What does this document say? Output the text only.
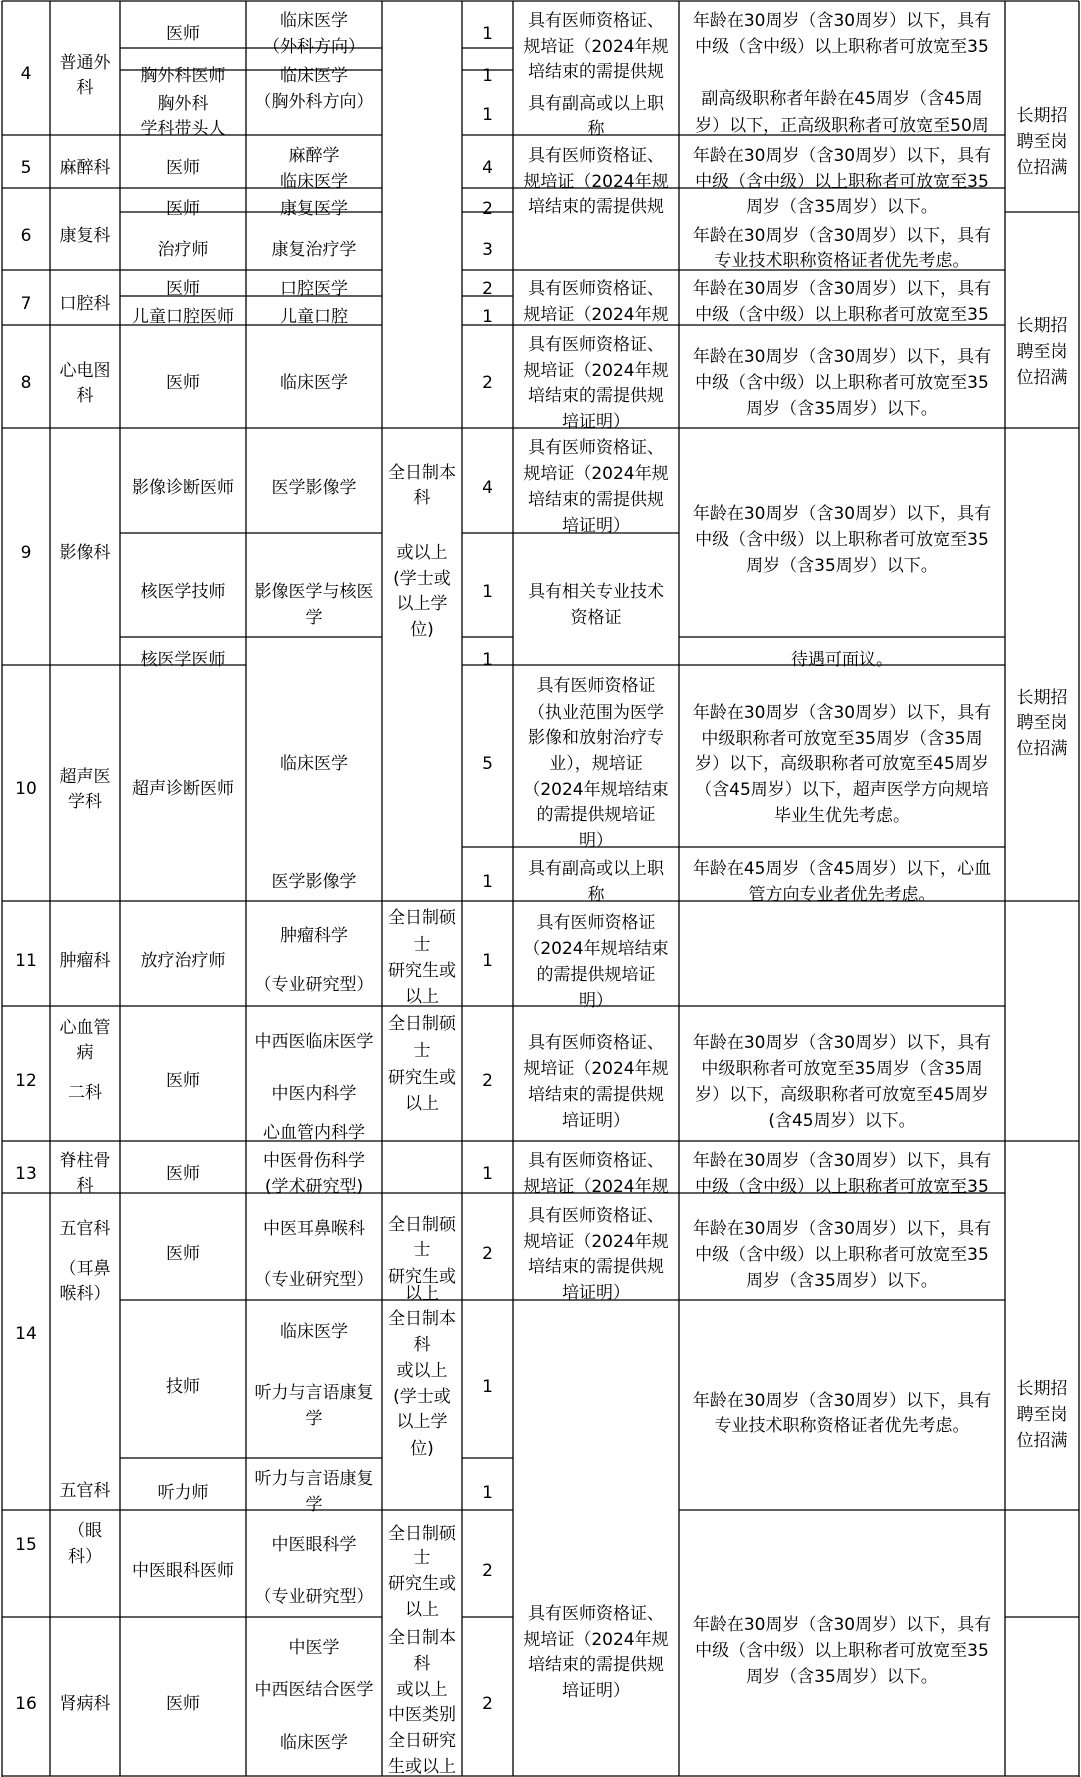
4
5
6
7
8
9
10
11
12
13
14
15
16
普通外
科
麻醉科
康复科
口腔科
心电图
科
影像科
超声医
学科
肿瘤科
心血管
病
二科
脊柱骨
科
五官科
（耳鼻
喉科）
五官科
（眼
科）
肾病科
医师
胸外科医师
胸外科
学科带头人
医师
医师
治疗师
医师
儿童口腔医师
医师
影像诊断医师
核医学技师
核医学医师
超声诊断医师
放疗治疗师
医师
医师
医师
技师
听力师
中医眼科医师
医师
临床医学
（外科方向）
临床医学
（胸外科方向）
麻醉学
临床医学
康复医学
康复治疗学
口腔医学
儿童口腔
临床医学
医学影像学
影像医学与核医
学
临床医学
医学影像学
肿瘤科学
（专业研究型）
中西医临床医学
中医内科学
心血管内科学
中医骨伤科学
(学术研究型)
中医耳鼻喉科
（专业研究型）
临床医学
听力与言语康复
学
听力与言语康复
学
中医眼科学
（专业研究型）
中医学
中西医结合医学
临床医学
全日制本
科
或以上
(学士或
以上学
位)
全日制硕
士
研究生或
以上
全日制硕
士
研究生或
以上
全日制硕
士
研究生或
以上
全日制本
科
或以上
(学士或
以上学
位)
全日制硕
士
研究生或
以上
全日制本
科
或以上
中医类别
全日研究
生或以上
1
1
1
4
2
3
2
1
2
4
1
1
5
1
1
2
1
2
1
1
2
2
具有医师资格证、
规培证（2024年规
培结束的需提供规
具有副高或以上职
称
具有医师资格证、
规培证（2024年规
培结束的需提供规
具有医师资格证、
规培证（2024年规
具有医师资格证、
规培证（2024年规
培结束的需提供规
培证明）
具有医师资格证、
规培证（2024年规
培结束的需提供规
培证明）
具有相关专业技术
资格证
具有医师资格证
（执业范围为医学
影像和放射治疗专
业），规培证
（2024年规培结束
的需提供规培证
明）
具有副高或以上职
称
具有医师资格证
（2024年规培结束
的需提供规培证
明）
具有医师资格证、
规培证（2024年规
培结束的需提供规
培证明）
具有医师资格证、
规培证（2024年规
具有医师资格证、
规培证（2024年规
培结束的需提供规
培证明）
具有医师资格证、
规培证（2024年规
培结束的需提供规
培证明）
年龄在30周岁（含30周岁）以下，具有
中级（含中级）以上职称者可放宽至35
副高级职称者年龄在45周岁（含45周
岁）以下，正高级职称者可放宽至50周
年龄在30周岁（含30周岁）以下，具有
中级（含中级）以上职称者可放宽至35
周岁（含35周岁）以下。
年龄在30周岁（含30周岁）以下，具有
专业技术职称资格证者优先考虑。
年龄在30周岁（含30周岁）以下，具有
中级（含中级）以上职称者可放宽至35
年龄在30周岁（含30周岁）以下，具有
中级（含中级）以上职称者可放宽至35
周岁（含35周岁）以下。
年龄在30周岁（含30周岁）以下，具有
中级（含中级）以上职称者可放宽至35
周岁（含35周岁）以下。
待遇可面议。
年龄在30周岁（含30周岁）以下，具有
中级职称者可放宽至35周岁（含35周
岁）以下，高级职称者可放宽至45周岁
（含45周岁）以下，超声医学方向规培
毕业生优先考虑。
年龄在45周岁（含45周岁）以下，心血
管方向专业者优先考虑。
年龄在30周岁（含30周岁）以下，具有
中级职称者可放宽至35周岁（含35周
岁）以下，高级职称者可放宽至45周岁
(含45周岁）以下。
年龄在30周岁（含30周岁）以下，具有
中级（含中级）以上职称者可放宽至35
年龄在30周岁（含30周岁）以下，具有
中级（含中级）以上职称者可放宽至35
周岁（含35周岁）以下。
年龄在30周岁（含30周岁）以下，具有
专业技术职称资格证者优先考虑。
年龄在30周岁（含30周岁）以下，具有
中级（含中级）以上职称者可放宽至35
周岁（含35周岁）以下。
长期招
聘至岗
位招满
长期招
聘至岗
位招满
长期招
聘至岗
位招满
长期招
聘至岗
位招满
